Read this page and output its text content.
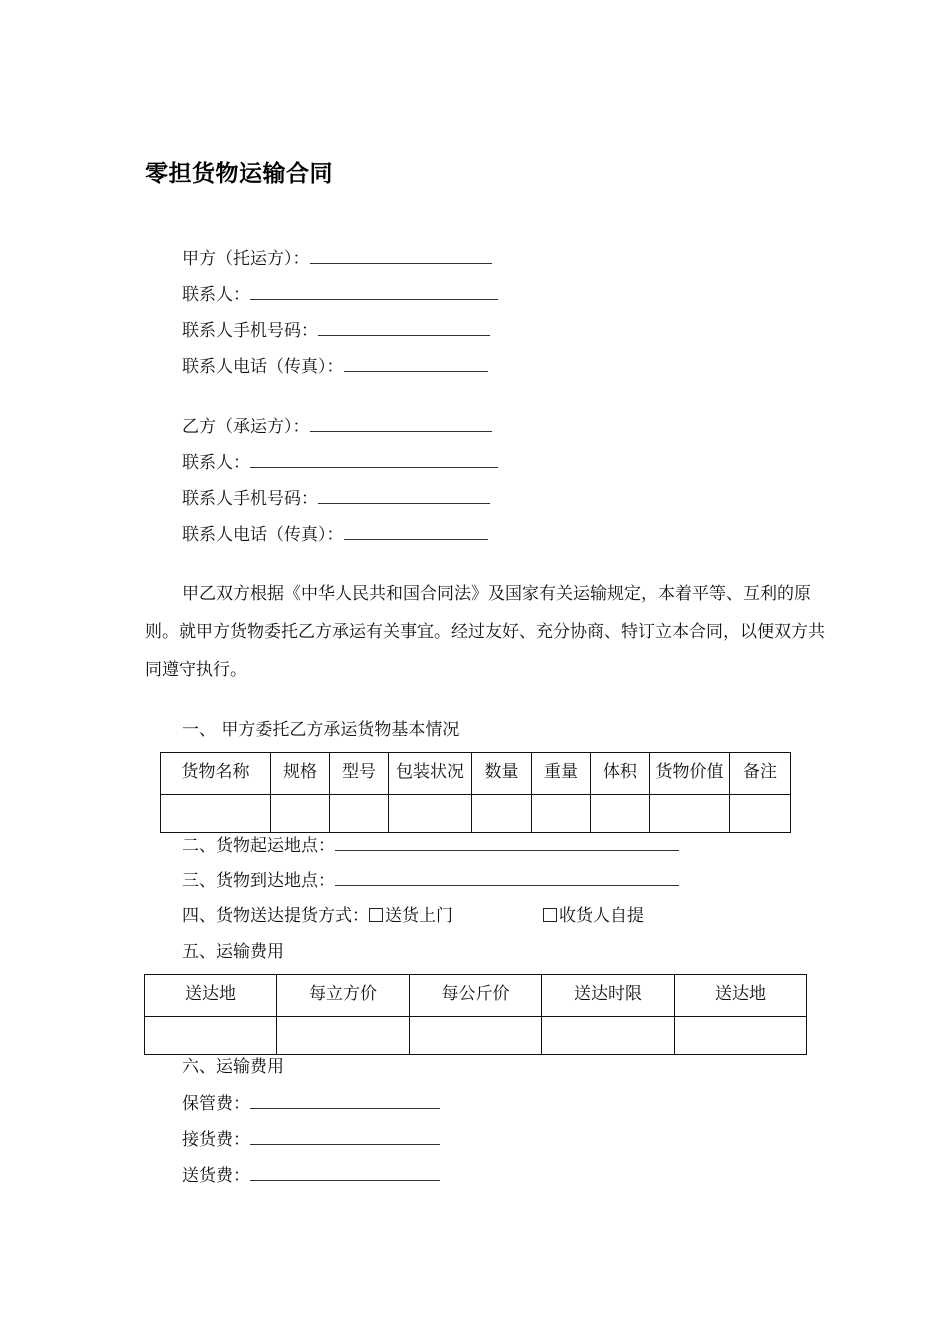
零担货物运输合同
甲方（托运方）：
联系人：
联系人手机号码：
联系人电话（传真）：
乙方（承运方）：
联系人：
联系人手机号码：
联系人电话（传真）：

甲乙双方根据《中华人民共和国合同法》及国家有关运输规定，本着平等、互利的原则。就甲方货物委托乙方承运有关事宜。经过友好、充分协商、特订立本合同，以便双方共同遵守执行。

一、 甲方委托乙方承运货物基本情况
货物名称	规格	型号	包装状况	数量	重量	体积	货物价值	备注

二、货物起运地点：
三、货物到达地点：
四、货物送达提货方式： 送货上门	收货人自提
五、运输费用
送达地	每立方价	每公斤价	送达时限	送达地

六、运输费用
保管费：
接货费：
送货费：
